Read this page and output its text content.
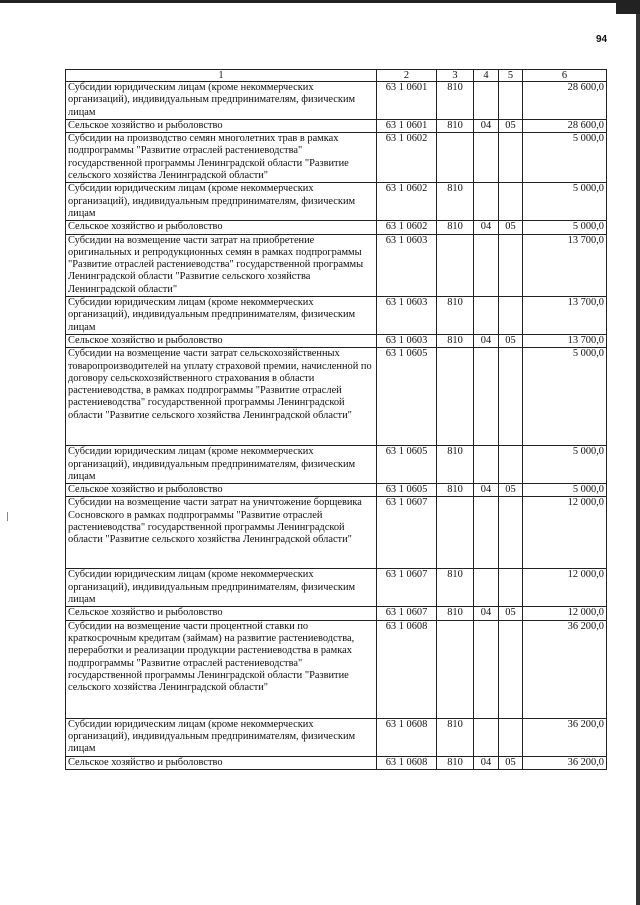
94
1	2	3	4	5	6
Субсидии юридическим лицам (кроме некоммерческих организаций), индивидуальным предпринимателям, физическим лицам	63 1 0601	810			28 600,0
Сельское хозяйство и рыболовство	63 1 0601	810	04	05	28 600,0
Субсидии на производство семян многолетних трав в рамках подпрограммы "Развитие отраслей растениеводства" государственной программы Ленинградской области "Развитие сельского хозяйства Ленинградской области"	63 1 0602				5 000,0
Субсидии юридическим лицам (кроме некоммерческих организаций), индивидуальным предпринимателям, физическим лицам	63 1 0602	810			5 000,0
Сельское хозяйство и рыболовство	63 1 0602	810	04	05	5 000,0
Субсидии на возмещение части затрат на приобретение оригинальных и репродукционных семян в рамках подпрограммы "Развитие отраслей растениеводства" государственной программы Ленинградской области "Развитие сельского хозяйства Ленинградской области"	63 1 0603				13 700,0
Субсидии юридическим лицам (кроме некоммерческих организаций), индивидуальным предпринимателям, физическим лицам	63 1 0603	810			13 700,0
Сельское хозяйство и рыболовство	63 1 0603	810	04	05	13 700,0
Субсидии на возмещение части затрат сельскохозяйственных товаропроизводителей на уплату страховой премии, начисленной по договору сельскохозяйственного страхования в области растениеводства, в рамках подпрограммы "Развитие отраслей растениеводства" государственной программы Ленинградской области "Развитие сельского хозяйства Ленинградской области"	63 1 0605				5 000,0
Субсидии юридическим лицам (кроме некоммерческих организаций), индивидуальным предпринимателям, физическим лицам	63 1 0605	810			5 000,0
Сельское хозяйство и рыболовство	63 1 0605	810	04	05	5 000,0
Субсидии на возмещение части затрат на уничтожение борщевика Сосновского в рамках подпрограммы "Развитие отраслей растениеводства" государственной программы Ленинградской области "Развитие сельского хозяйства Ленинградской области"	63 1 0607				12 000,0
Субсидии юридическим лицам (кроме некоммерческих организаций), индивидуальным предпринимателям, физическим лицам	63 1 0607	810			12 000,0
Сельское хозяйство и рыболовство	63 1 0607	810	04	05	12 000,0
Субсидии на возмещение части процентной ставки по краткосрочным кредитам (займам) на развитие растениеводства, переработки и реализации продукции растениеводства в рамках подпрограммы "Развитие отраслей растениеводства" государственной программы Ленинградской области "Развитие сельского хозяйства Ленинградской области"	63 1 0608				36 200,0
Субсидии юридическим лицам (кроме некоммерческих организаций), индивидуальным предпринимателям, физическим лицам	63 1 0608	810			36 200,0
Сельское хозяйство и рыболовство	63 1 0608	810	04	05	36 200,0
